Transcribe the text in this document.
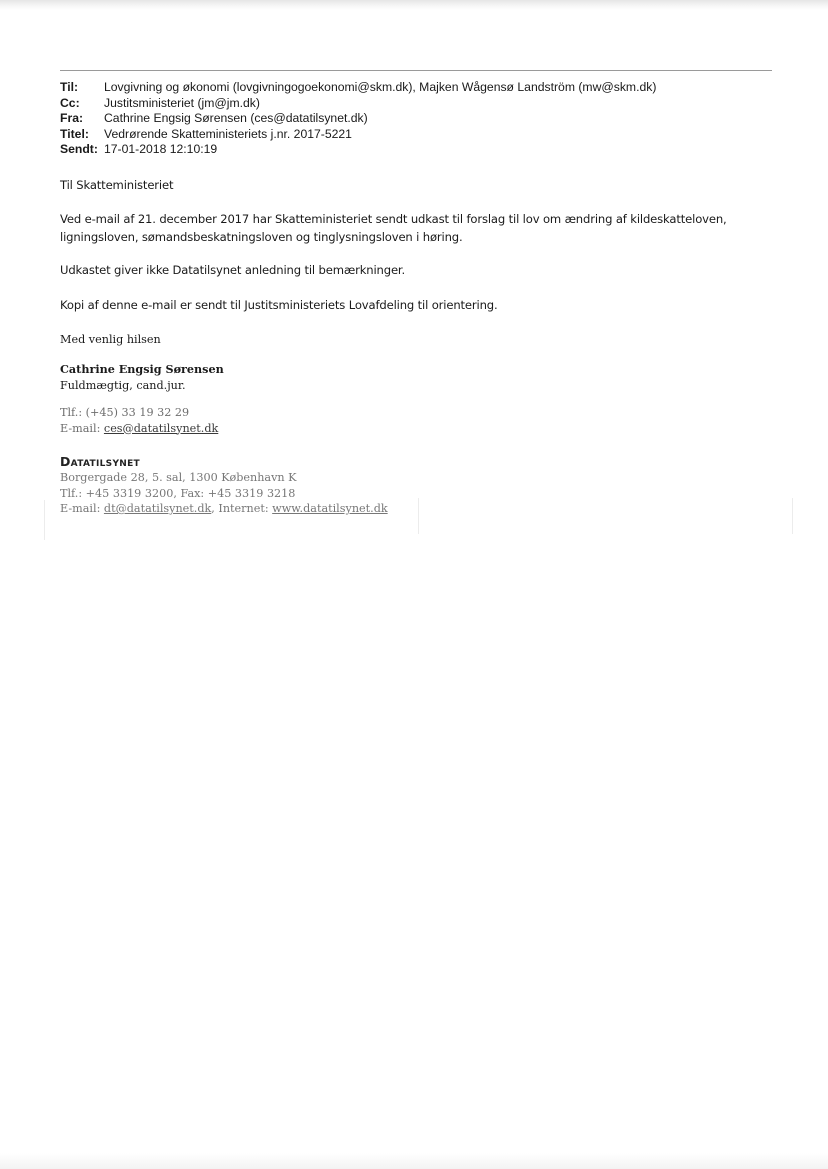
Til:	Lovgivning og økonomi (lovgivningogoekonomi@skm.dk), Majken Wågensø Landström (mw@skm.dk)
Cc:	Justitsministeriet (jm@jm.dk)
Fra:	Cathrine Engsig Sørensen (ces@datatilsynet.dk)
Titel:	Vedrørende Skatteministeriets j.nr. 2017-5221
Sendt: 17-01-2018 12:10:19

Til Skatteministeriet

Ved e-mail af 21. december 2017 har Skatteministeriet sendt udkast til forslag til lov om ændring af kildeskatteloven, ligningsloven, sømandsbeskatningsloven og tinglysningsloven i høring.

Udkastet giver ikke Datatilsynet anledning til bemærkninger.

Kopi af denne e-mail er sendt til Justitsministeriets Lovafdeling til orientering.

Med venlig hilsen
Cathrine Engsig Sørensen
Fuldmægtig, cand.jur.
Tlf.: (+45) 33 19 32 29
E-mail: ces@datatilsynet.dk
Datatilsynet
Borgergade 28, 5. sal, 1300 København K
Tlf.: +45 3319 3200, Fax: +45 3319 3218
E-mail: dt@datatilsynet.dk, Internet: www.datatilsynet.dk
